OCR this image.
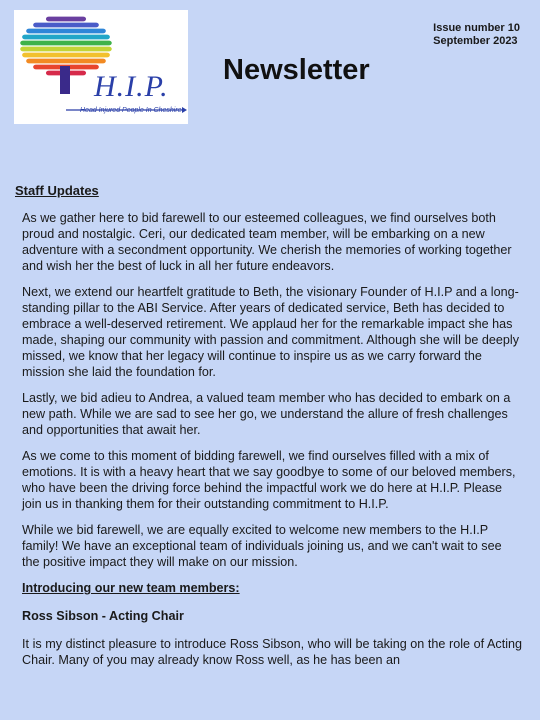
H.I.P.
Head Injured People In Cheshire
Issue number 10
September 2023
Newsletter
Staff Updates

As we gather here to bid farewell to our esteemed colleagues, we find ourselves both proud and nostalgic. Ceri, our dedicated team member, will be embarking on a new adventure with a secondment opportunity. We cherish the memories of working together and wish her the best of luck in all her future endeavors.

Next, we extend our heartfelt gratitude to Beth, the visionary Founder of H.I.P and a long-standing pillar to the ABI Service. After years of dedicated service, Beth has decided to embrace a well-deserved retirement. We applaud her for the remarkable impact she has made, shaping our community with passion and commitment. Although she will be deeply missed, we know that her legacy will continue to inspire us as we carry forward the mission she laid the foundation for.

Lastly, we bid adieu to Andrea, a valued team member who has decided to embark on a new path. While we are sad to see her go, we understand the allure of fresh challenges and opportunities that await her.

As we come to this moment of bidding farewell, we find ourselves filled with a mix of emotions. It is with a heavy heart that we say goodbye to some of our beloved members, who have been the driving force behind the impactful work we do here at H.I.P. Please join us in thanking them for their outstanding commitment to H.I.P.

While we bid farewell, we are equally excited to welcome new members to the H.I.P family! We have an exceptional team of individuals joining us, and we can't wait to see the positive impact they will make on our mission.

Introducing our new team members:
Ross Sibson - Acting Chair

It is my distinct pleasure to introduce Ross Sibson, who will be taking on the role of Acting Chair. Many of you may already know Ross well, as he has been an
